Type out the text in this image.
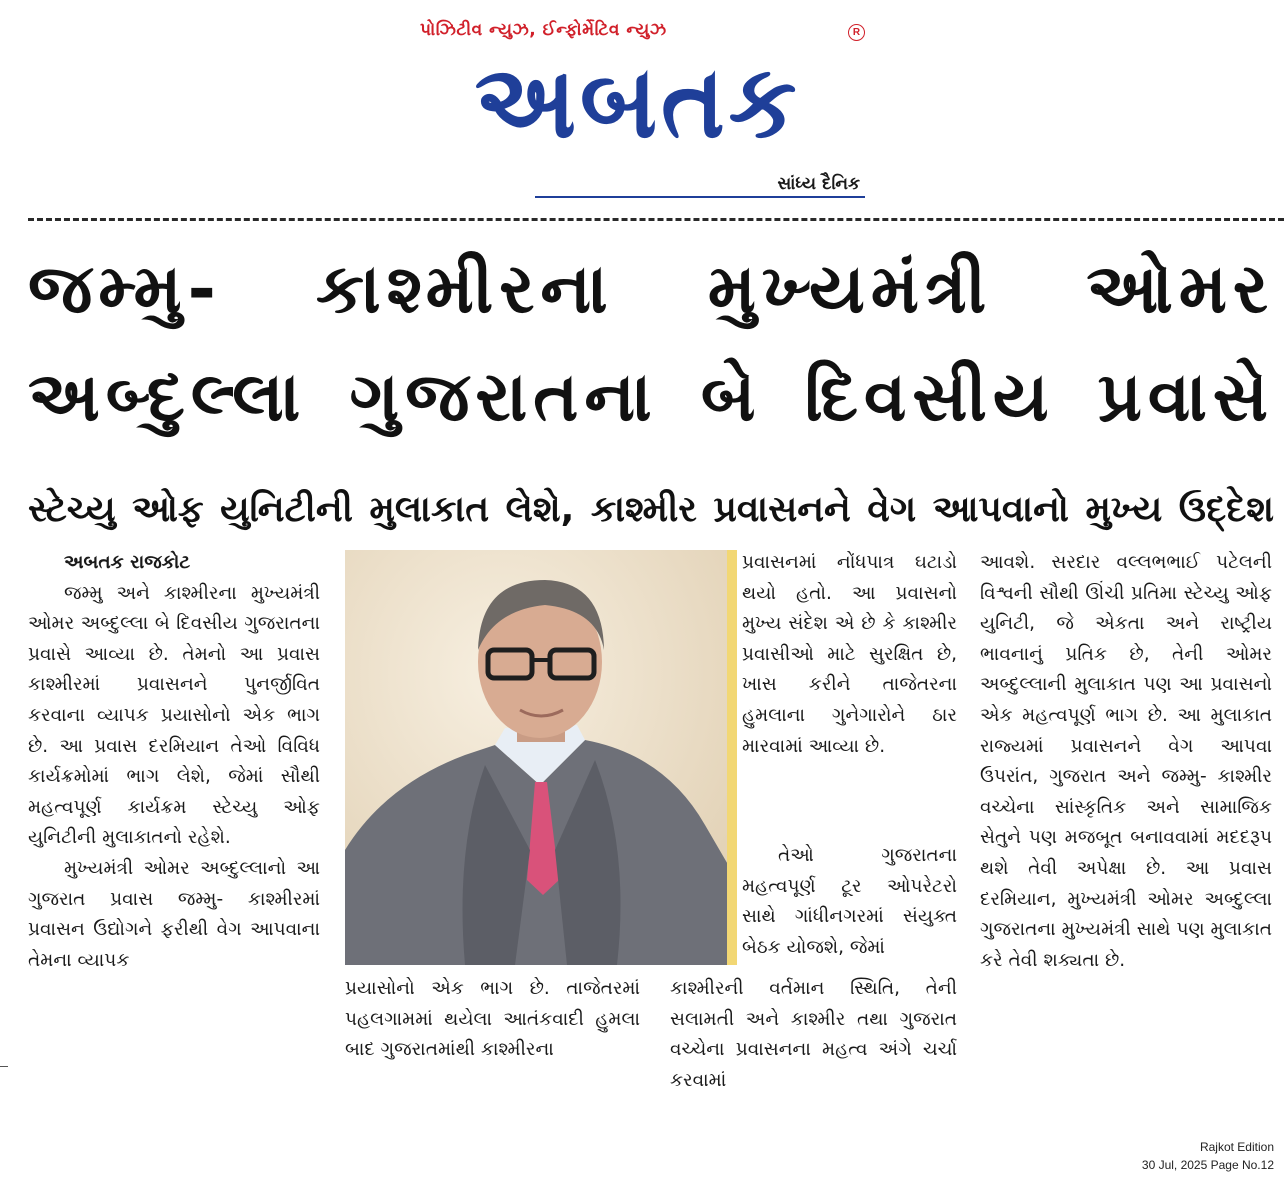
પોઝિટીવ ન્યુઝ, ઈન્ફોર્મેટિવ ન્યુઝ	R
અબતક
સાંધ્ય દૈનિક
જમ્મુ- કાશ્મીરના મુખ્યમંત્રી ઓમર
અબ્દુલ્લા ગુજરાતના બે દિવસીય પ્રવાસે
સ્ટેચ્યુ ઓફ યુનિટીની મુલાકાત લેશે, કાશ્મીર પ્રવાસનને વેગ આપવાનો મુખ્ય ઉદ્દેશ

અબતક રાજકોટ

જમ્મુ અને કાશ્મીરના મુખ્યમંત્રી ઓમર અબ્દુલ્લા બે દિવસીય ગુજરાતના પ્રવાસે આવ્યા છે. તેમનો આ પ્રવાસ કાશ્મીરમાં પ્રવાસનને પુનર્જીવિત કરવાના વ્યાપક પ્રયાસોનો એક ભાગ છે. આ પ્રવાસ દરમિયાન તેઓ વિવિધ કાર્યક્રમોમાં ભાગ લેશે, જેમાં સૌથી મહત્વપૂર્ણ કાર્યક્રમ સ્ટેચ્યુ ઓફ યુનિટીની મુલાકાતનો રહેશે.

મુખ્યમંત્રી ઓમર અબ્દુલ્લાનો આ ગુજરાત પ્રવાસ જમ્મુ- કાશ્મીરમાં પ્રવાસન ઉદ્યોગને ફરીથી વેગ આપવાના તેમના વ્યાપક

પ્રવાસનમાં નોંધપાત્ર ઘટાડો થયો હતો. આ પ્રવાસનો મુખ્ય સંદેશ એ છે કે કાશ્મીર પ્રવાસીઓ માટે સુરક્ષિત છે, ખાસ કરીને તાજેતરના હુમલાના ગુનેગારોને ઠાર મારવામાં આવ્યા છે.

તેઓ ગુજરાતના મહત્વપૂર્ણ ટૂર ઓપરેટરો સાથે ગાંધીનગરમાં સંયુક્ત બેઠક યોજશે, જેમાં

પ્રયાસોનો એક ભાગ છે. તાજેતરમાં પહલગામમાં થયેલા આતંકવાદી હુમલા બાદ ગુજરાતમાંથી કાશ્મીરના

કાશ્મીરની વર્તમાન સ્થિતિ, તેની સલામતી અને કાશ્મીર તથા ગુજરાત વચ્ચેના પ્રવાસનના મહત્વ અંગે ચર્ચા કરવામાં

આવશે. સરદાર વલ્લભભાઈ પટેલની વિશ્વની સૌથી ઊંચી પ્રતિમા સ્ટેચ્યુ ઓફ યુનિટી, જે એકતા અને રાષ્ટ્રીય ભાવનાનું પ્રતિક છે, તેની ઓમર અબ્દુલ્લાની મુલાકાત પણ આ પ્રવાસનો એક મહત્વપૂર્ણ ભાગ છે. આ મુલાકાત રાજ્યમાં પ્રવાસનને વેગ આપવા ઉપરાંત, ગુજરાત અને જમ્મુ- કાશ્મીર વચ્ચેના સાંસ્કૃતિક અને સામાજિક સેતુને પણ મજબૂત બનાવવામાં મદદરૂપ થશે તેવી અપેક્ષા છે. આ પ્રવાસ દરમિયાન, મુખ્યમંત્રી ઓમર અબ્દુલ્લા ગુજરાતના મુખ્યમંત્રી સાથે પણ મુલાકાત કરે તેવી શક્યતા છે.

Rajkot Edition
30 Jul, 2025 Page No.12
